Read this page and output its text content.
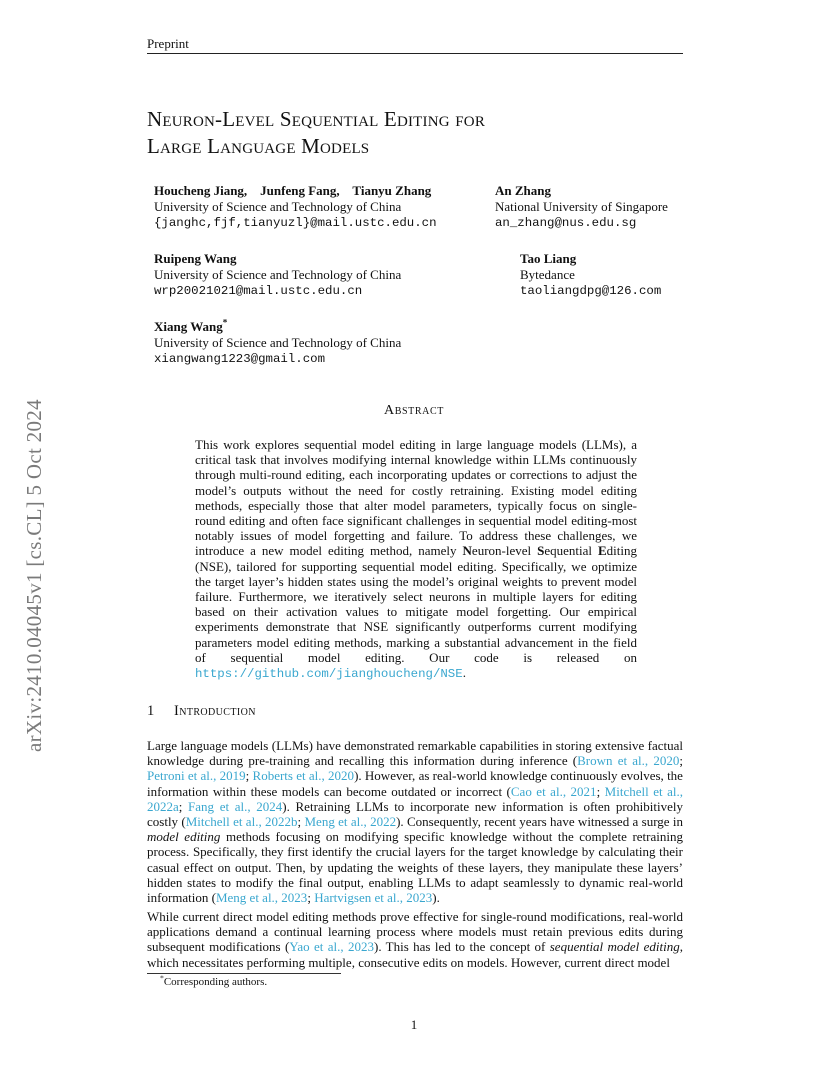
Preprint
arXiv:2410.04045v1 [cs.CL] 5 Oct 2024
Neuron-Level Sequential Editing for
Large Language Models
Houcheng Jiang,    Junfeng Fang,    Tianyu Zhang
University of Science and Technology of China
{janghc,fjf,tianyuzl}@mail.ustc.edu.cn
An Zhang
National University of Singapore
an_zhang@nus.edu.sg
Ruipeng Wang
University of Science and Technology of China
wrp20021021@mail.ustc.edu.cn
Tao Liang
Bytedance
taoliangdpg@126.com
Xiang Wang*
University of Science and Technology of China
xiangwang1223@gmail.com
Abstract
This work explores sequential model editing in large language models (LLMs), a critical task that involves modifying internal knowledge within LLMs continuously through multi-round editing, each incorporating updates or corrections to adjust the model’s outputs without the need for costly retraining. Existing model editing methods, especially those that alter model parameters, typically focus on single-round editing and often face significant challenges in sequential model editing-most notably issues of model forgetting and failure. To address these challenges, we introduce a new model editing method, namely Neuron-level Sequential Editing (NSE), tailored for supporting sequential model editing. Specifically, we optimize the target layer’s hidden states using the model’s original weights to prevent model failure. Furthermore, we iteratively select neurons in multiple layers for editing based on their activation values to mitigate model forgetting. Our empirical experiments demonstrate that NSE significantly outperforms current modifying parameters model editing methods, marking a substantial advancement in the field of sequential model editing. Our code is released on https://github.com/jianghoucheng/NSE.
1 Introduction
Large language models (LLMs) have demonstrated remarkable capabilities in storing extensive factual knowledge during pre-training and recalling this information during inference (Brown et al., 2020; Petroni et al., 2019; Roberts et al., 2020). However, as real-world knowledge continuously evolves, the information within these models can become outdated or incorrect (Cao et al., 2021; Mitchell et al., 2022a; Fang et al., 2024). Retraining LLMs to incorporate new information is often prohibitively costly (Mitchell et al., 2022b; Meng et al., 2022). Consequently, recent years have witnessed a surge in model editing methods focusing on modifying specific knowledge without the complete retraining process. Specifically, they first identify the crucial layers for the target knowledge by calculating their casual effect on output. Then, by updating the weights of these layers, they manipulate these layers’ hidden states to modify the final output, enabling LLMs to adapt seamlessly to dynamic real-world information (Meng et al., 2023; Hartvigsen et al., 2023).
While current direct model editing methods prove effective for single-round modifications, real-world applications demand a continual learning process where models must retain previous edits during subsequent modifications (Yao et al., 2023). This has led to the concept of sequential model editing, which necessitates performing multiple, consecutive edits on models. However, current direct model
*Corresponding authors.
1
